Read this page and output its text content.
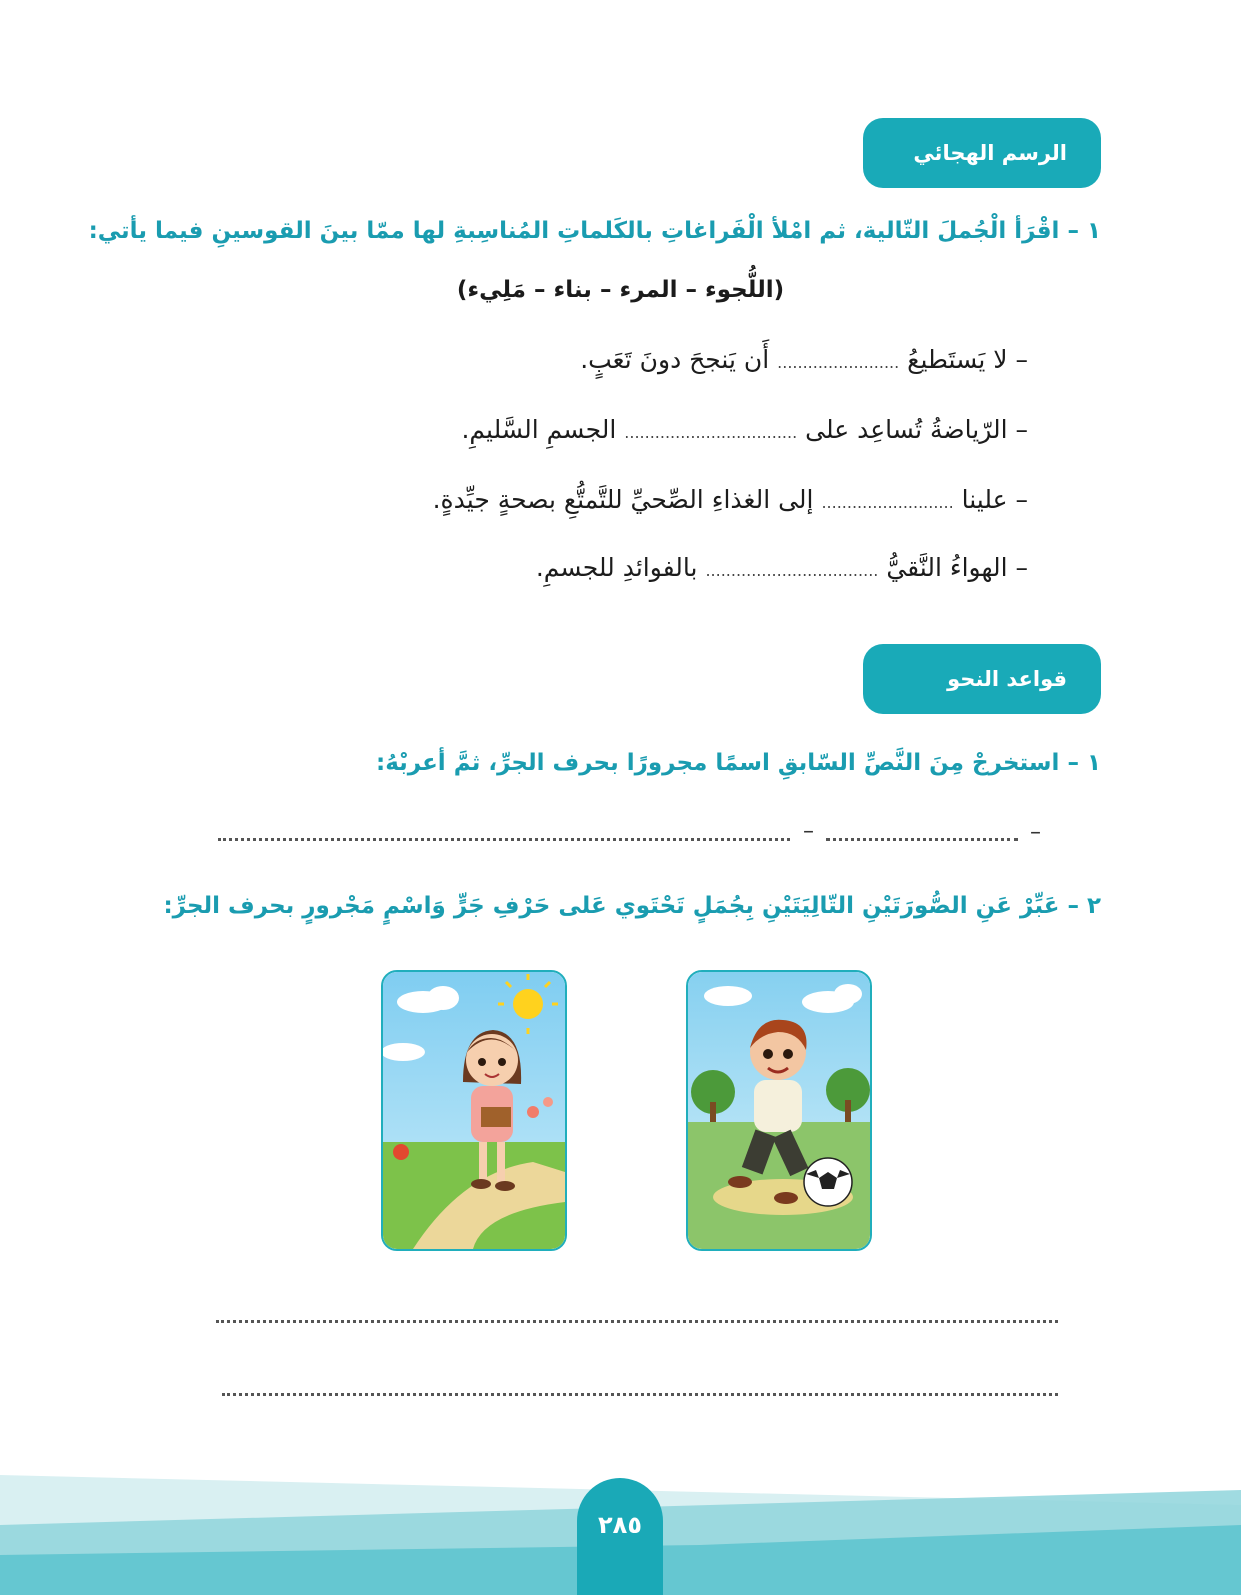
الرسم الهجائي
١ – اقْرَأ الْجُملَ التّالية، ثم امْلأ الْفَراغاتِ بالكَلماتِ المُناسِبةِ لها ممّا بينَ القوسينِ فيما يأتي:
(اللُّجوء – المرء – بناء – مَلِيء)
– لا يَستَطيعُ ........................ أَن يَنجحَ دونَ تَعَبٍ.
– الرّياضةُ تُساعِد على .................................. الجسمِ السَّليمِ.
– علينا .......................... إلى الغذاءِ الصِّحيِّ للتَّمتُّعِ بصحةٍ جيِّدةٍ.
– الهواءُ النَّقيُّ .................................. بالفوائدِ للجسمِ.
قواعد النحو
١ – استخرجْ مِنَ النَّصِّ السّابقِ اسمًا مجرورًا بحرف الجرِّ، ثمَّ أعربْهُ:
–
–
٢ – عَبِّرْ عَنِ الصُّورَتَيْنِ التّالِيَتَيْنِ بِجُمَلٍ تَحْتَوي عَلى حَرْفِ جَرٍّ وَاسْمٍ مَجْرورٍ بحرف الجرِّ:
٢٨٥
